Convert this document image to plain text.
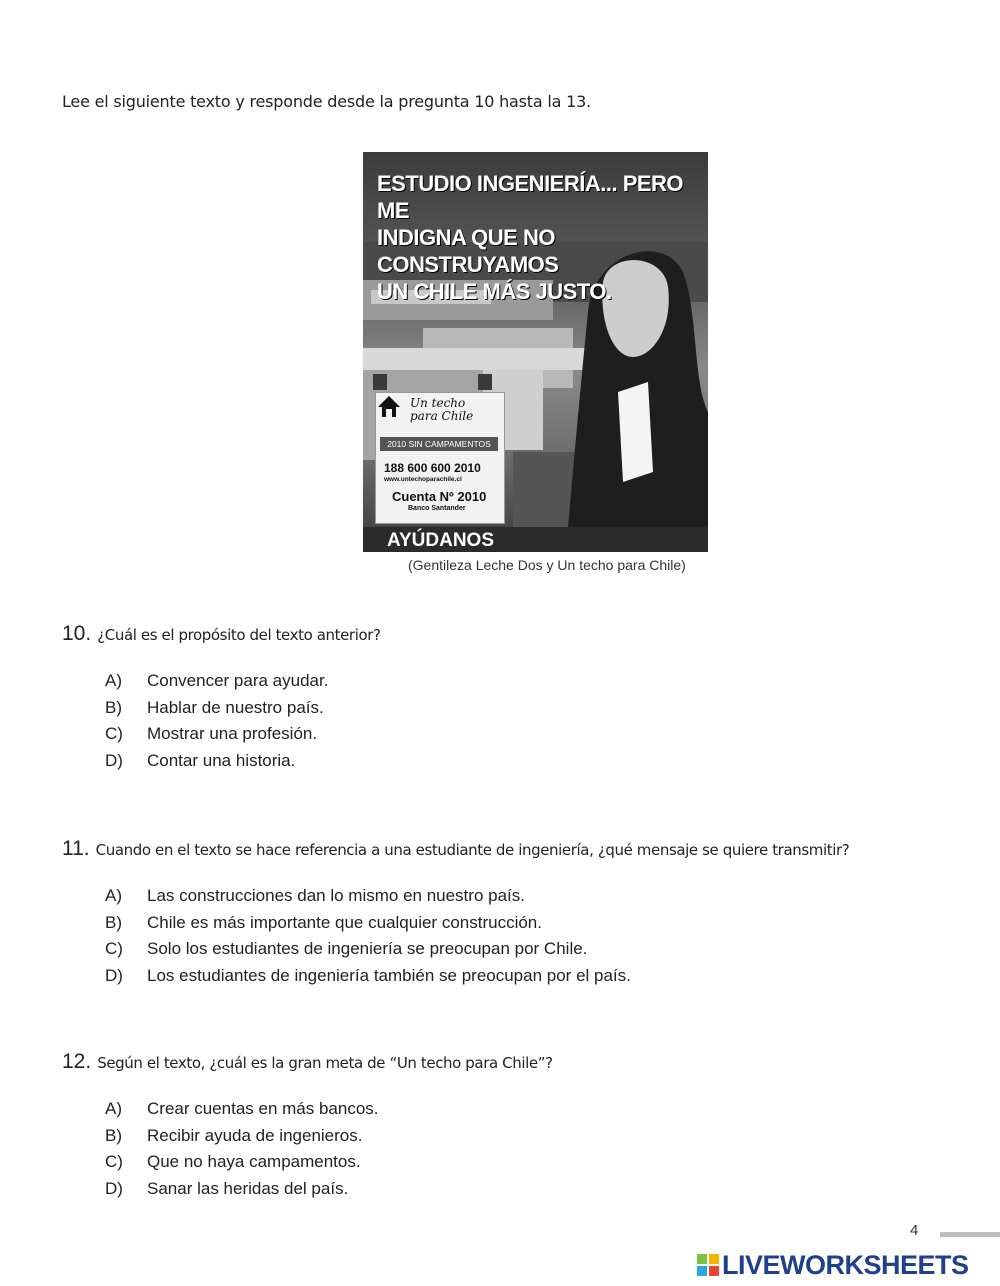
Lee el siguiente texto y responde desde la pregunta 10 hasta la 13.
ESTUDIO INGENIERÍA... PERO ME
INDIGNA QUE NO CONSTRUYAMOS
UN CHILE MÁS JUSTO.
Un techo
para Chile
2010 SIN CAMPAMENTOS
188 600 600 2010
www.untechoparachile.cl
Cuenta Nº 2010
Banco Santander
AYÚDANOS
(Gentileza Leche Dos y Un techo para Chile)
10. ¿Cuál es el propósito del texto anterior?
A)	Convencer para ayudar.
B)	Hablar de nuestro país.
C)	Mostrar una profesión.
D)	Contar una historia.
11. Cuando en el texto se hace referencia a una estudiante de ingeniería, ¿qué mensaje se quiere transmitir?
A)	Las construcciones dan lo mismo en nuestro país.
B)	Chile es más importante que cualquier construcción.
C)	Solo los estudiantes de ingeniería se preocupan por Chile.
D)	Los estudiantes de ingeniería también se preocupan por el país.
12. Según el texto, ¿cuál es la gran meta de “Un techo para Chile”?
A)	Crear cuentas en más bancos.
B)	Recibir ayuda de ingenieros.
C)	Que no haya campamentos.
D)	Sanar las heridas del país.
4
LIVEWORKSHEETS
